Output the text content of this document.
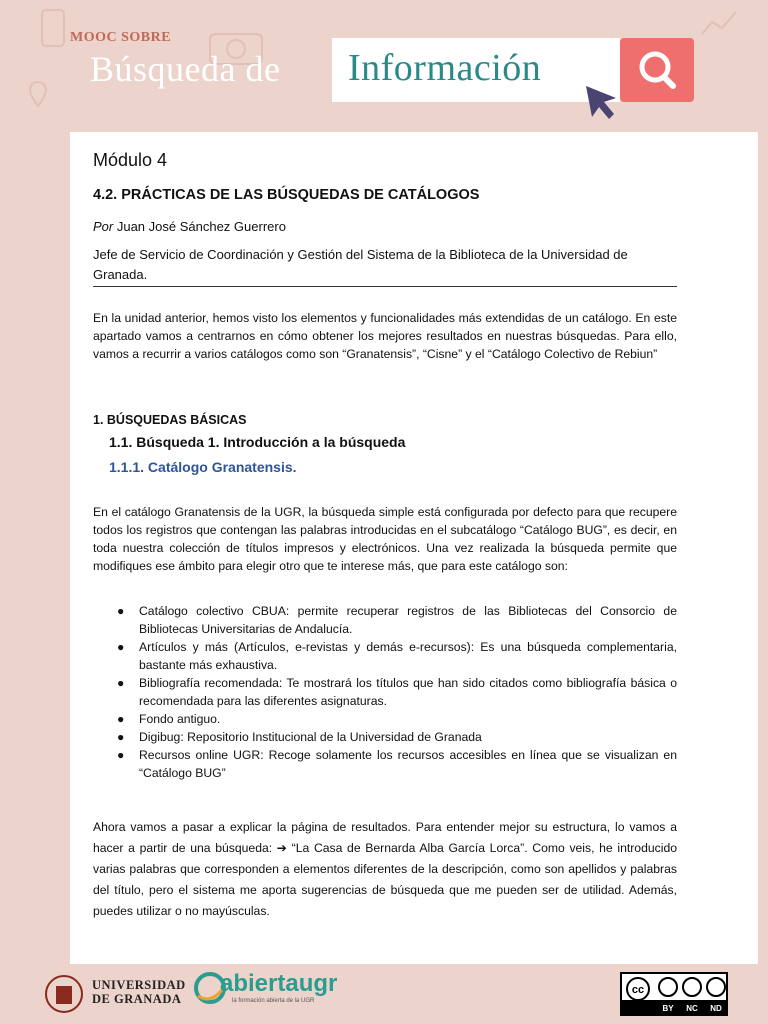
MOOC SOBRE
Búsqueda de Información
Módulo 4
4.2. PRÁCTICAS DE LAS BÚSQUEDAS DE CATÁLOGOS
Por Juan José Sánchez Guerrero
Jefe de Servicio de Coordinación y Gestión del Sistema de la Biblioteca de la Universidad de Granada.
En la unidad anterior, hemos visto los elementos y funcionalidades más extendidas de un catálogo. En este apartado vamos a centrarnos en cómo obtener los mejores resultados en nuestras búsquedas. Para ello, vamos a recurrir a varios catálogos como son “Granatensis”, “Cisne” y el “Catálogo Colectivo de Rebiun”
1. BÚSQUEDAS BÁSICAS
1.1. Búsqueda 1. Introducción a la búsqueda
1.1.1. Catálogo Granatensis.
En el catálogo Granatensis de la UGR, la búsqueda simple está configurada por defecto para que recupere todos los registros que contengan las palabras introducidas en el subcatálogo “Catálogo BUG”, es decir, en toda nuestra colección de títulos impresos y electrónicos. Una vez realizada la búsqueda permite que modifiques ese ámbito para elegir otro que te interese más, que para este catálogo son:
● Catálogo colectivo CBUA: permite recuperar registros de las Bibliotecas del Consorcio de Bibliotecas Universitarias de Andalucía.
● Artículos y más (Artículos, e-revistas y demás e-recursos): Es una búsqueda complementaria, bastante más exhaustiva.
● Bibliografía recomendada: Te mostrará los títulos que han sido citados como bibliografía básica o recomendada para las diferentes asignaturas.
● Fondo antiguo.
● Digibug: Repositorio Institucional de la Universidad de Granada
● Recursos online UGR: Recoge solamente los recursos accesibles en línea que se visualizan en “Catálogo BUG”
Ahora vamos a pasar a explicar la página de resultados. Para entender mejor su estructura, lo vamos a hacer a partir de una búsqueda: ➔ “La Casa de Bernarda Alba García Lorca”. Como veis, he introducido varias palabras que corresponden a elementos diferentes de la descripción, como son apellidos y palabras del título, pero el sistema me aporta sugerencias de búsqueda que me pueden ser de utilidad. Además, puedes utilizar o no mayúsculas.
UNIVERSIDAD
DE GRANADA
abiertaugr
la formación abierta de la UGR
cc
BY NC ND
